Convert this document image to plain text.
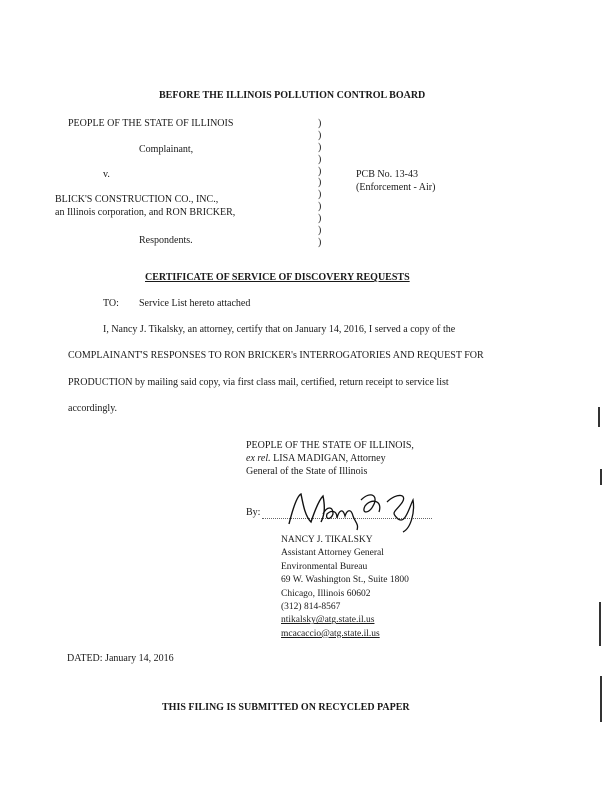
BEFORE THE ILLINOIS POLLUTION CONTROL BOARD
PEOPLE OF THE STATE OF ILLINOIS
Complainant,
v.
BLICK'S CONSTRUCTION CO., INC.,
an Illinois corporation, and RON BRICKER,
Respondents.
)
)
)
)
)
)
)
)
)
)
)
PCB No. 13-43
(Enforcement - Air)
CERTIFICATE OF SERVICE OF DISCOVERY REQUESTS
TO: Service List hereto attached
I, Nancy J. Tikalsky, an attorney, certify that on January 14, 2016, I served a copy of the
COMPLAINANT'S RESPONSES TO RON BRICKER's INTERROGATORIES AND REQUEST FOR
PRODUCTION by mailing said copy, via first class mail, certified, return receipt to service list
accordingly.
PEOPLE OF THE STATE OF ILLINOIS,
ex rel. LISA MADIGAN, Attorney
General of the State of Illinois
By:
NANCY J. TIKALSKY
Assistant Attorney General
Environmental Bureau
69 W. Washington St., Suite 1800
Chicago, Illinois 60602
(312) 814-8567
ntikalsky@atg.state.il.us
mcacaccio@atg.state.il.us
DATED: January 14, 2016
THIS FILING IS SUBMITTED ON RECYCLED PAPER
